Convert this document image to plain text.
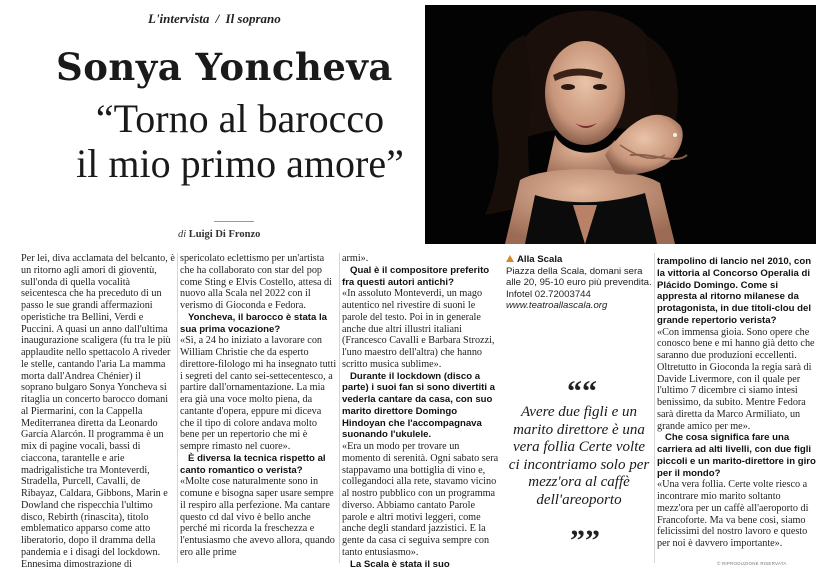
L'intervista / Il soprano
Sonya Yoncheva
“Torno al barocco
il mio primo amore”
di Luigi Di Fronzo

Per lei, diva acclamata del belcanto, è un ritorno agli amori di gioventù, sull'onda di quella vocalità seicentesca che ha preceduto di un passo le sue grandi affermazioni operistiche tra Bellini, Verdi e Puccini. A quasi un anno dall'ultima inaugurazione scaligera (fu tra le più applaudite nello spettacolo A riveder le stelle, cantando l'aria La mamma morta dall'Andrea Chénier) il soprano bulgaro Sonya Yoncheva si ritaglia un concerto barocco domani al Piermarini, con la Cappella Mediterranea diretta da Leonardo García Alarcón. Il programma è un mix di pagine vocali, bassi di ciaccona, tarantelle e arie madrigalistiche tra Monteverdi, Stradella, Purcell, Cavalli, de Ribayaz, Caldara, Gibbons, Marin e Dowland che rispecchia l'ultimo disco, Rebirth (rinascita), titolo emblematico apparso come atto liberatorio, dopo il dramma della pandemia e i disagi del lockdown. Ennesima dimostrazione di

spericolato eclettismo per un'artista che ha collaborato con star del pop come Sting e Elvis Costello, attesa di nuovo alla Scala nel 2022 con il verismo di Gioconda e Fedora.

Yoncheva, il barocco è stata la sua prima vocazione?

«Sì, a 24 ho iniziato a lavorare con William Christie che da esperto direttore-filologo mi ha insegnato tutti i segreti del canto sei-settecentesco, a partire dall'ornamentazione. La mia era già una voce molto piena, da cantante d'opera, eppure mi diceva che il tipo di colore andava molto bene per un repertorio che mi è sempre rimasto nel cuore».

È diversa la tecnica rispetto al canto romantico o verista?

«Molte cose naturalmente sono in comune e bisogna saper usare sempre il respiro alla perfezione. Ma cantare questo cd dal vivo è bello anche perché mi ricorda la freschezza e l'entusiasmo che avevo allora, quando ero alle prime

armi».

Qual è il compositore preferito fra questi autori antichi?

«In assoluto Monteverdi, un mago autentico nel rivestire di suoni le parole del testo. Poi in in generale anche due altri illustri italiani (Francesco Cavalli e Barbara Strozzi, l'uno maestro dell'altra) che hanno scritto musica sublime».

Durante il lockdown (disco a parte) i suoi fan si sono divertiti a vederla cantare da casa, con suo marito direttore Domingo Hindoyan che l'accompagnava suonando l'ukulele.

«Era un modo per trovare un momento di serenità. Ogni sabato sera stappavamo una bottiglia di vino e, collegandoci alla rete, stavamo vicino al nostro pubblico con un programma diverso. Abbiamo cantato Parole parole e altri motivi leggeri, come anche degli standard jazzistici. E la gente da casa ci seguiva sempre con tanto entusiasmo».

La Scala è stata il suo

Alla Scala
Piazza della Scala, domani sera alle 20, 95-10 euro più prevendita. Infotel 02.72003744
www.teatroallascala.org
““
Avere due figli e un marito direttore è una vera follia Certe volte ci incontriamo solo per mezz'ora al caffè dell'areoporto
””

trampolino di lancio nel 2010, con la vittoria al Concorso Operalia di Plácido Domingo. Come si appresta al ritorno milanese da protagonista, in due titoli-clou del grande repertorio verista?

«Con immensa gioia. Sono opere che conosco bene e mi hanno già detto che saranno due produzioni eccellenti. Oltretutto in Gioconda la regia sarà di Davide Livermore, con il quale per l'ultimo 7 dicembre ci siamo intesi benissimo, da subito. Mentre Fedora sarà diretta da Marco Armiliato, un grande amico per me».

Che cosa significa fare una carriera ad alti livelli, con due figli piccoli e un marito-direttore in giro per il mondo?

«Una vera follia. Certe volte riesco a incontrare mio marito soltanto mezz'ora per un caffè all'aeroporto di Francoforte. Ma va bene così, siamo felicissimi del nostro lavoro e questo per noi è davvero importante».

© RIPRODUZIONE RISERVATA
